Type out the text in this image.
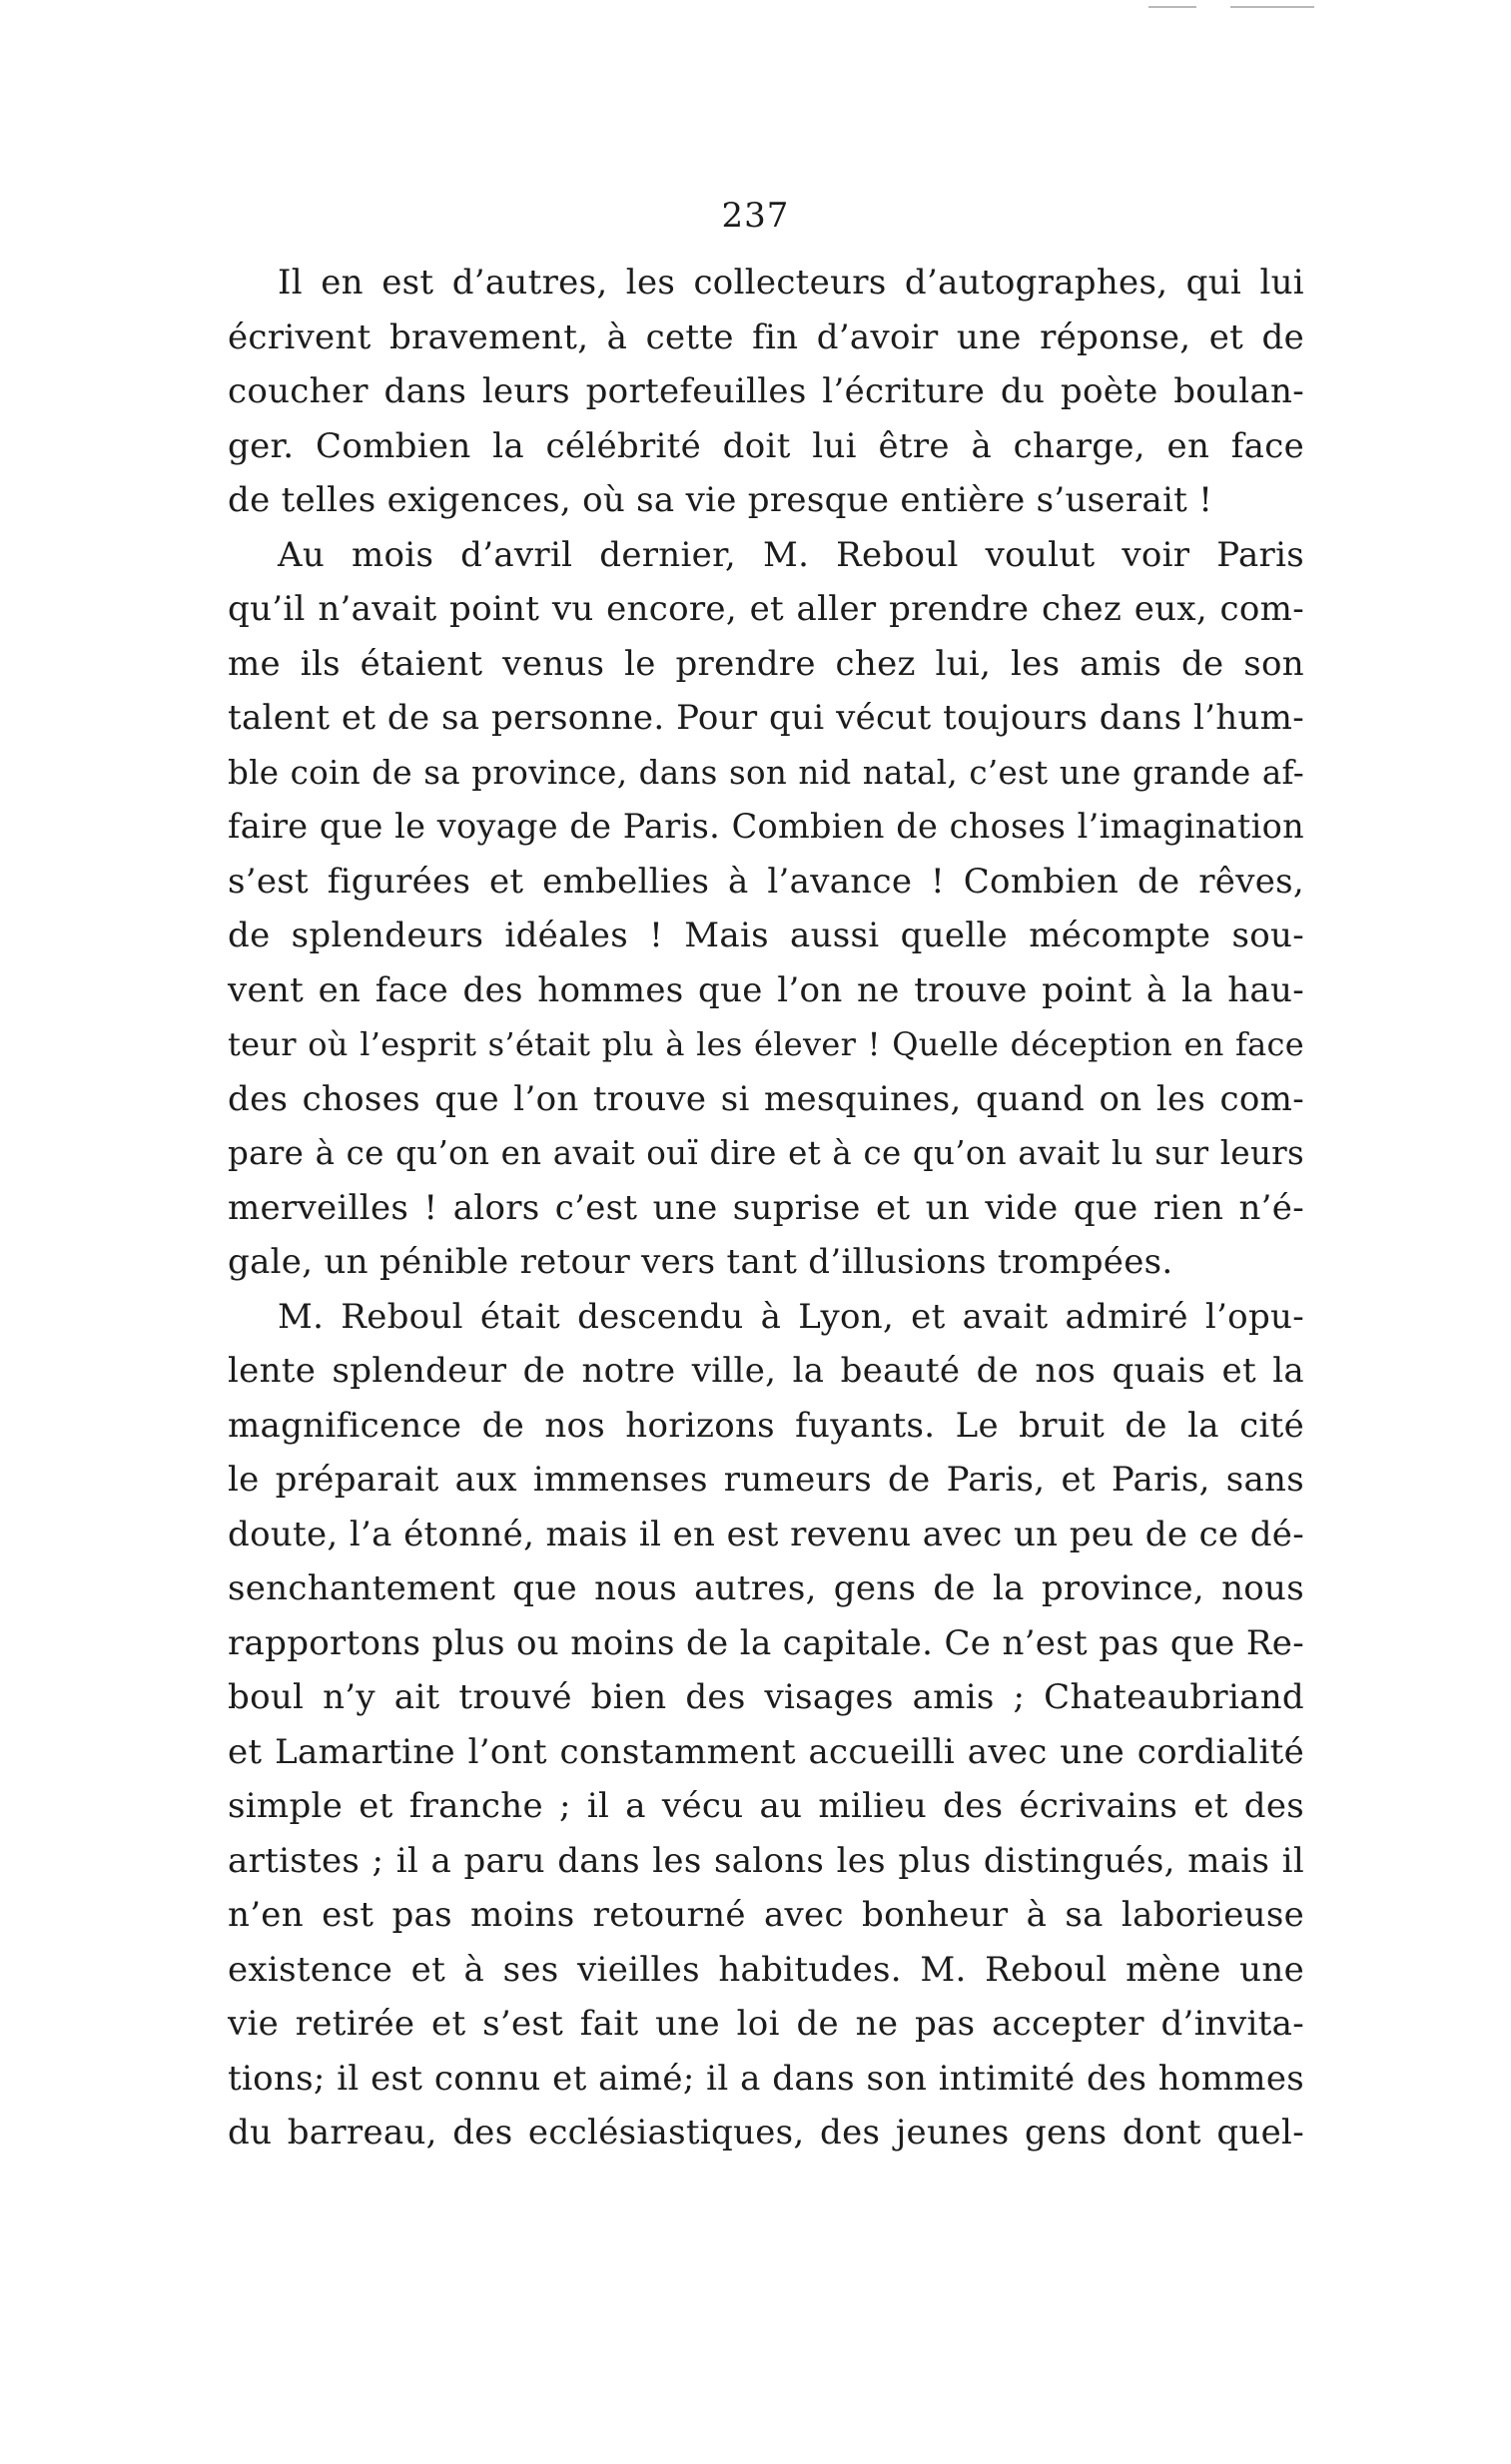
237
Il en est d’autres, les collecteurs d’autographes, qui lui
écrivent bravement, à cette fin d’avoir une réponse, et de
coucher dans leurs portefeuilles l’écriture du poète boulan-
ger. Combien la célébrité doit lui être à charge, en face
de telles exigences, où sa vie presque entière s’userait !
Au mois d’avril dernier, M. Reboul voulut voir Paris
qu’il n’avait point vu encore, et aller prendre chez eux, com-
me ils étaient venus le prendre chez lui, les amis de son
talent et de sa personne. Pour qui vécut toujours dans l’hum-
ble coin de sa province, dans son nid natal, c’est une grande af-
faire que le voyage de Paris. Combien de choses l’imagination
s’est figurées et embellies à l’avance ! Combien de rêves,
de splendeurs idéales ! Mais aussi quelle mécompte sou-
vent en face des hommes que l’on ne trouve point à la hau-
teur où l’esprit s’était plu à les élever ! Quelle déception en face
des choses que l’on trouve si mesquines, quand on les com-
pare à ce qu’on en avait ouï dire et à ce qu’on avait lu sur leurs
merveilles ! alors c’est une suprise et un vide que rien n’é-
gale, un pénible retour vers tant d’illusions trompées.
M. Reboul était descendu à Lyon, et avait admiré l’opu-
lente splendeur de notre ville, la beauté de nos quais et la
magnificence de nos horizons fuyants. Le bruit de la cité
le préparait aux immenses rumeurs de Paris, et Paris, sans
doute, l’a étonné, mais il en est revenu avec un peu de ce dé-
senchantement que nous autres, gens de la province, nous
rapportons plus ou moins de la capitale. Ce n’est pas que Re-
boul n’y ait trouvé bien des visages amis ; Chateaubriand
et Lamartine l’ont constamment accueilli avec une cordialité
simple et franche ; il a vécu au milieu des écrivains et des
artistes ; il a paru dans les salons les plus distingués, mais il
n’en est pas moins retourné avec bonheur à sa laborieuse
existence et à ses vieilles habitudes. M. Reboul mène une
vie retirée et s’est fait une loi de ne pas accepter d’invita-
tions; il est connu et aimé; il a dans son intimité des hommes
du barreau, des ecclésiastiques, des jeunes gens dont quel-
